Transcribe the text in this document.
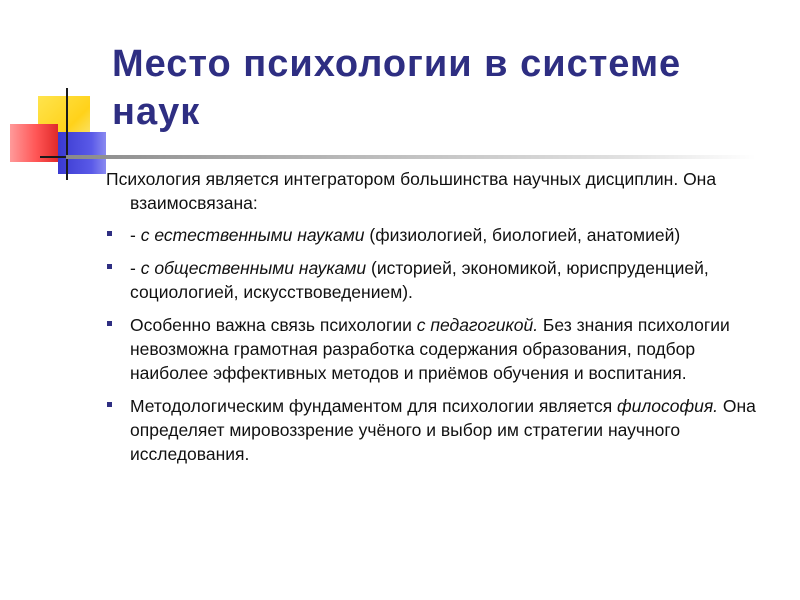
Место психологии в системе наук

Психология является интегратором большинства научных дисциплин. Она взаимосвязана:

- с естественными науками (физиологией, биологией, анатомией)
- с общественными науками (историей, экономикой, юриспруденцией, социологией, искусствоведением).
Особенно важна связь психологии с педагогикой. Без знания психологии невозможна грамотная разработка содержания образования, подбор наиболее эффективных методов и приёмов обучения и воспитания.
Методологическим фундаментом для психологии является философия. Она определяет мировоззрение учёного и выбор им стратегии научного исследования.
